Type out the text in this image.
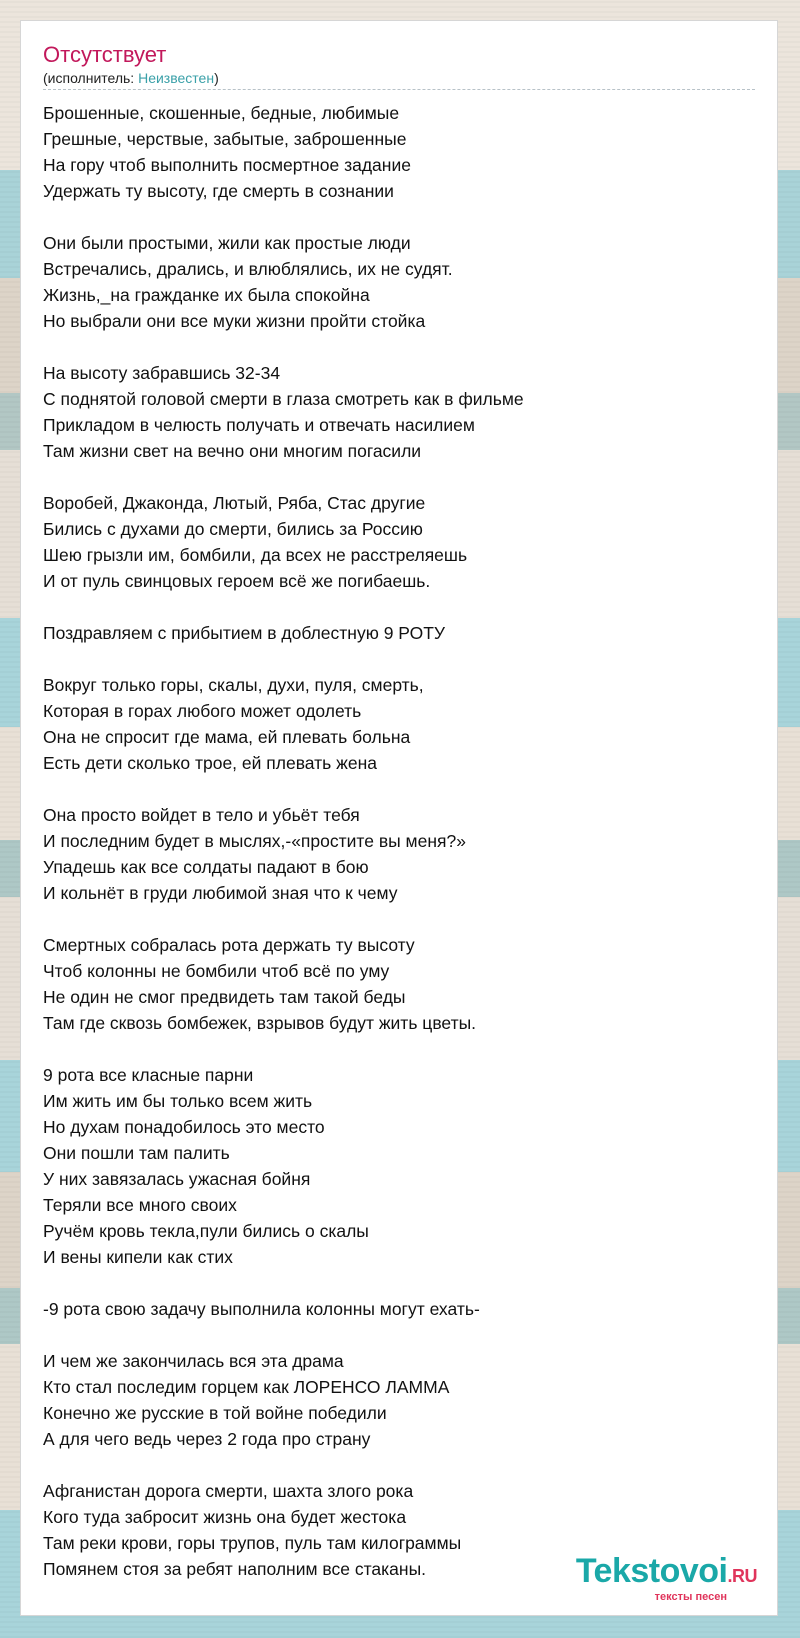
Отсутствует
(исполнитель: Неизвестен)
Брошенные, скошенные, бедные, любимые
Грешные, черствые, забытые, заброшенные
На гору чтоб выполнить посмертное задание
Удержать ту высоту, где смерть в сознании
Они были простыми, жили как простые люди
Встречались, дрались, и влюблялись, их не судят.
Жизнь,_на гражданке их была спокойна
Но выбрали они все муки жизни пройти стойка
На высоту забравшись 32-34
С поднятой головой смерти в глаза смотреть как в фильме
Прикладом в челюсть получать и отвечать насилием
Там жизни свет на вечно они многим погасили
Воробей, Джаконда, Лютый, Ряба, Стас другие
Бились с духами до смерти, бились за Россию
Шею грызли им, бомбили, да всех не расстреляешь
И от пуль свинцовых героем всё же погибаешь.
Поздравляем с прибытием в доблестную 9 РОТУ
Вокруг только горы, скалы, духи, пуля, смерть,
Которая в горах любого может одолеть
Она не спросит где мама, ей плевать больна
Есть дети сколько трое, ей плевать жена
Она просто войдет в тело и убьёт тебя
И последним будет в мыслях,-«простите вы меня?»
Упадешь как все солдаты падают в бою
И кольнёт в груди любимой зная что к чему
Смертных собралась рота держать ту высоту
Чтоб колонны не бомбили чтоб всё по уму
Не один не смог предвидеть там такой беды
Там где сквозь бомбежек, взрывов будут жить цветы.
9 рота все класные парни
Им жить им бы только всем жить
Но духам понадобилось это место
Они пошли там палить
У них завязалась ужасная бойня
Теряли все много своих
Ручём кровь текла,пули бились о скалы
И вены кипели как стих
-9 рота свою задачу выполнила колонны могут ехать-
И чем же закончилась вся эта драма
Кто стал последим горцем как ЛОРЕНСО ЛАММА
Конечно же русские в той войне победили
А для чего ведь через 2 года про страну
Афганистан дорога смерти, шахта злого рока
Кого туда забросит жизнь она будет жестока
Там реки крови, горы трупов, пуль там килограммы
Помянем стоя за ребят наполним все стаканы.	Tekstovoi.RU
тексты песен
